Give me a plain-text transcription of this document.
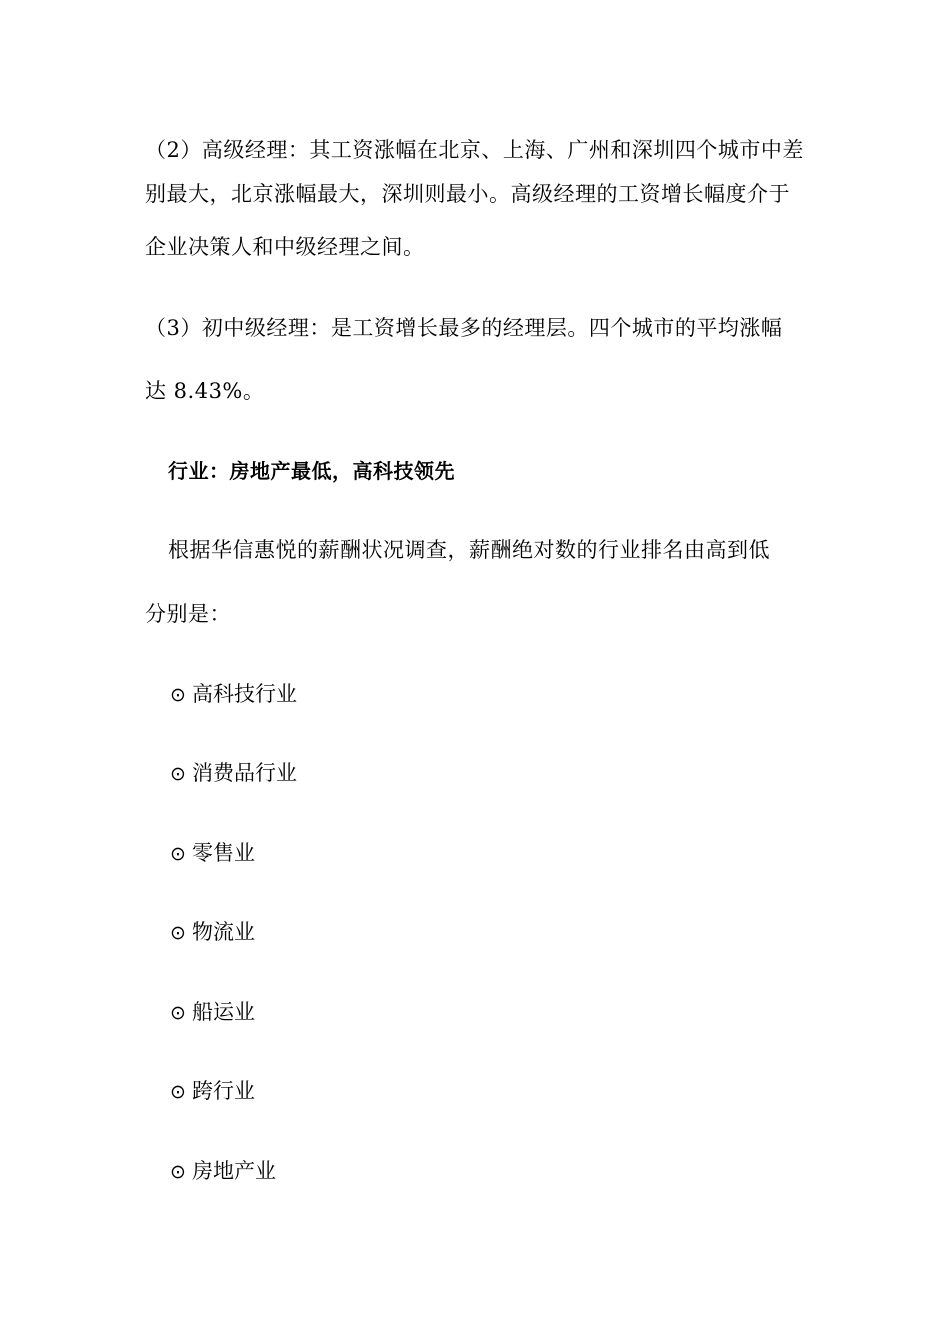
（2）高级经理：其工资涨幅在北京、上海、广州和深圳四个城市中差
别最大，北京涨幅最大，深圳则最小。高级经理的工资增长幅度介于
企业决策人和中级经理之间。
（3）初中级经理：是工资增长最多的经理层。四个城市的平均涨幅
达 8.43%。
行业：房地产最低，高科技领先
根据华信惠悦的薪酬状况调查，薪酬绝对数的行业排名由高到低
分别是：
⊙ 高科技行业
⊙ 消费品行业
⊙ 零售业
⊙ 物流业
⊙ 船运业
⊙ 跨行业
⊙ 房地产业
